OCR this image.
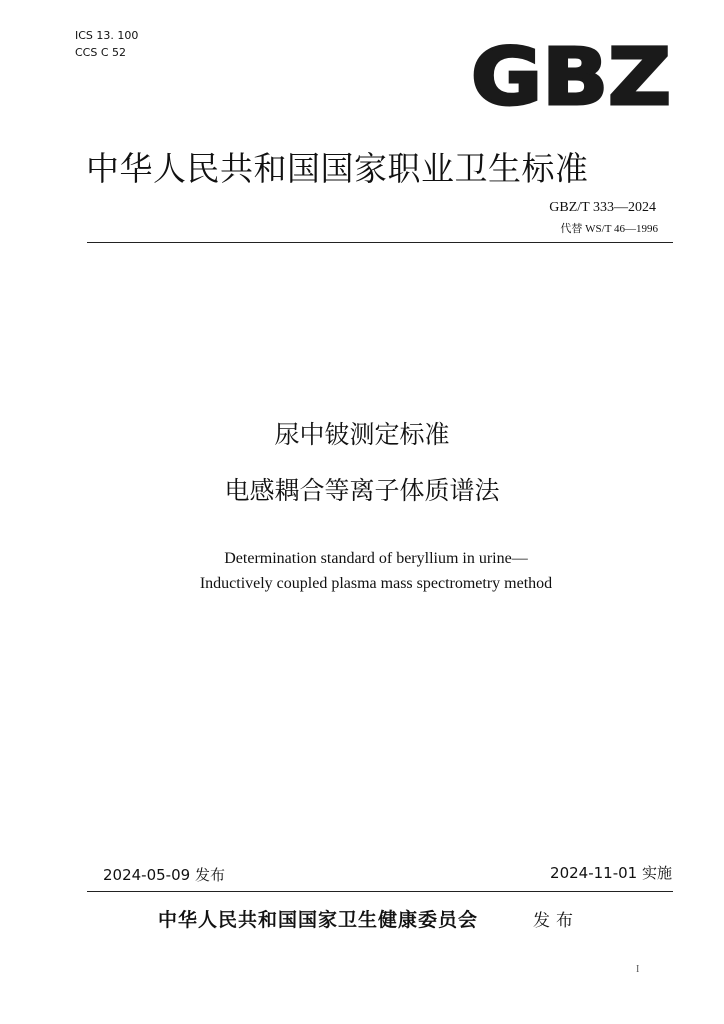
ICS 13. 100
CCS C 52	GBZ
中华人民共和国国家职业卫生标准
GBZ/T 333—2024
代替 WS/T 46—1996
尿中铍测定标准
电感耦合等离子体质谱法
Determination standard of beryllium in urine—
Inductively coupled plasma mass spectrometry method
2024-05-09 发布	2024-11-01 实施
中华人民共和国国家卫生健康委员会	发布
I
